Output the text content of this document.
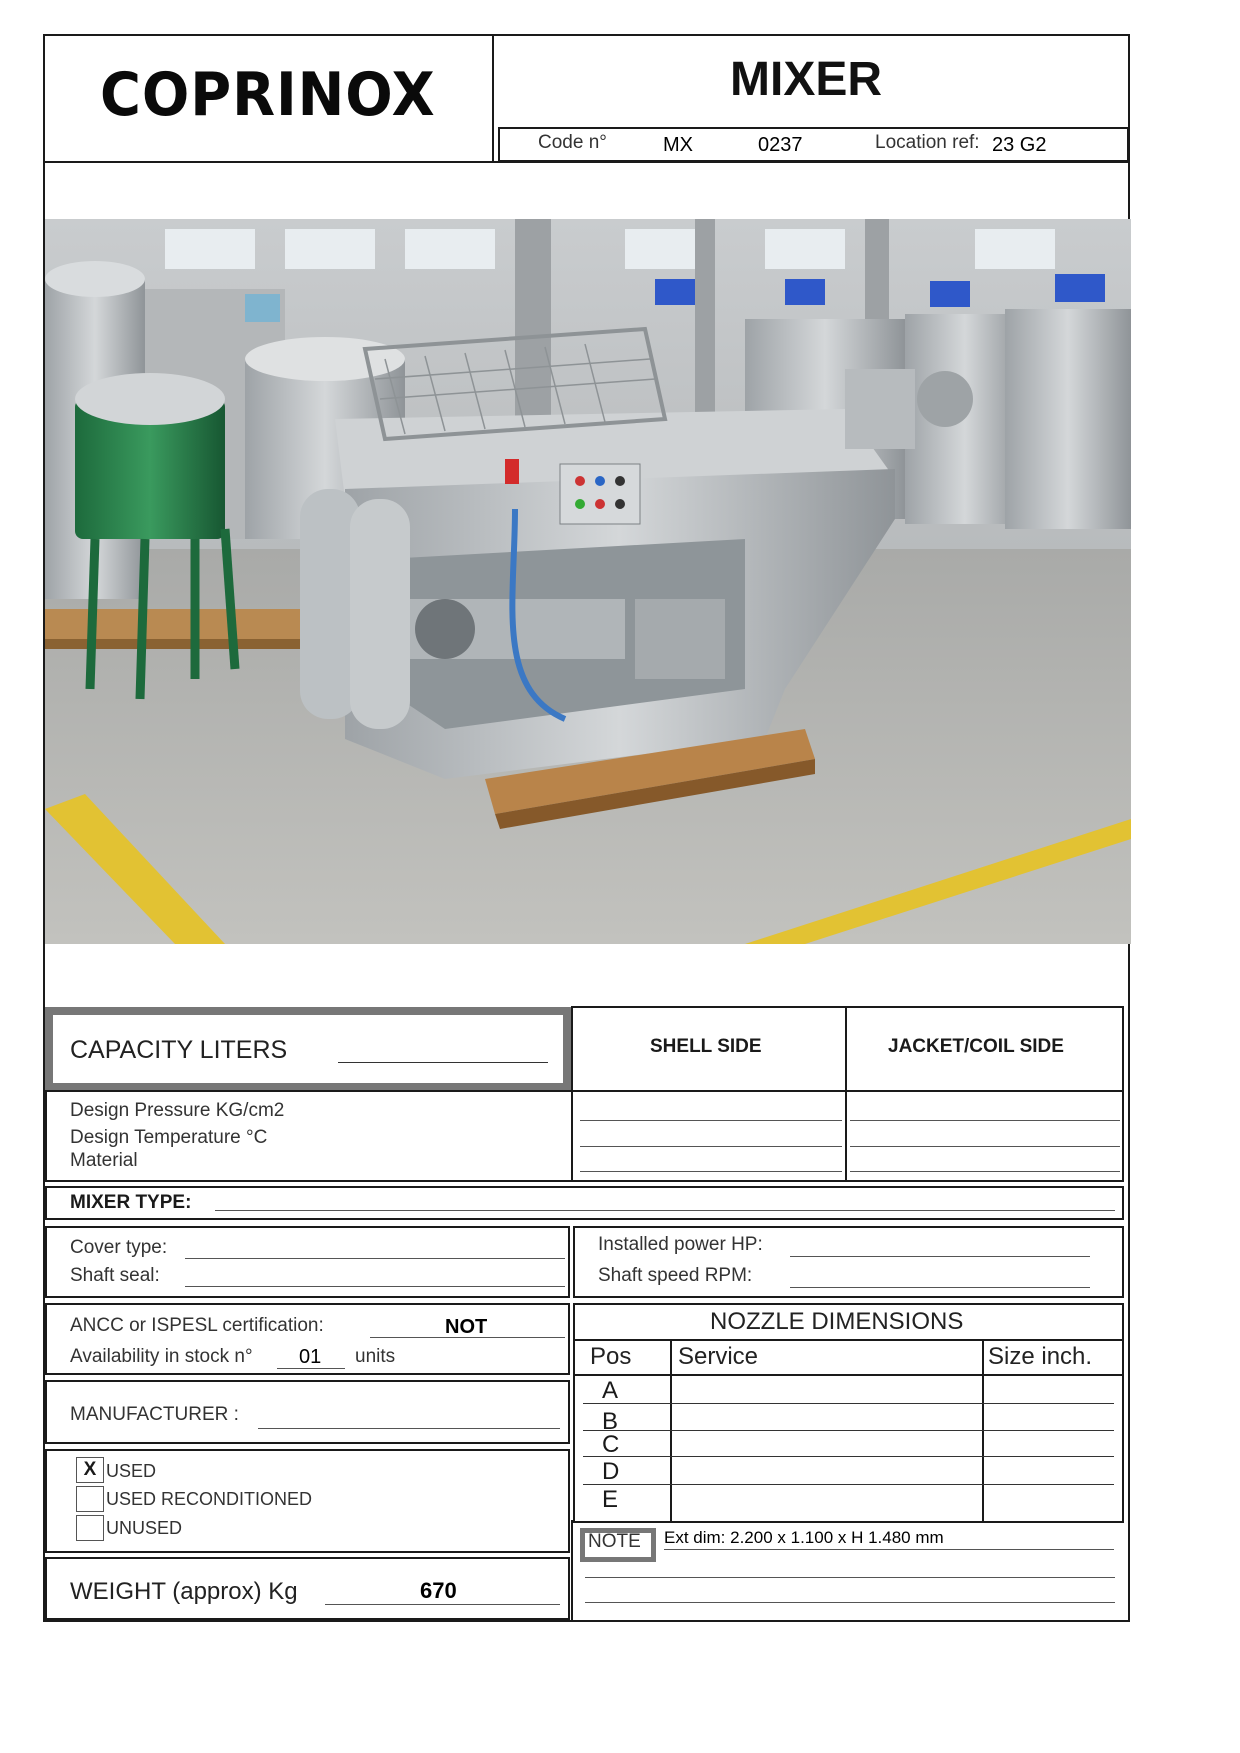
COPRINOX	MIXER
Code n°	MX	0237	Location ref: 23 G2
CAPACITY LITERS	SHELL SIDE	JACKET/COIL SIDE
Design Pressure KG/cm2
Design Temperature °C
Material
MIXER TYPE:
Cover type:
Shaft seal:
Installed power HP:
Shaft speed RPM:
ANCC or ISPESL certification:	NOT
Availability in stock n° 01 units
NOZZLE DIMENSIONS
Pos Service	Size inch.
A
B
C
D
E
MANUFACTURER :
X USED
USED RECONDITIONED
UNUSED
NOTE Ext dim: 2.200 x 1.100 x H 1.480 mm
WEIGHT (approx) Kg	670
